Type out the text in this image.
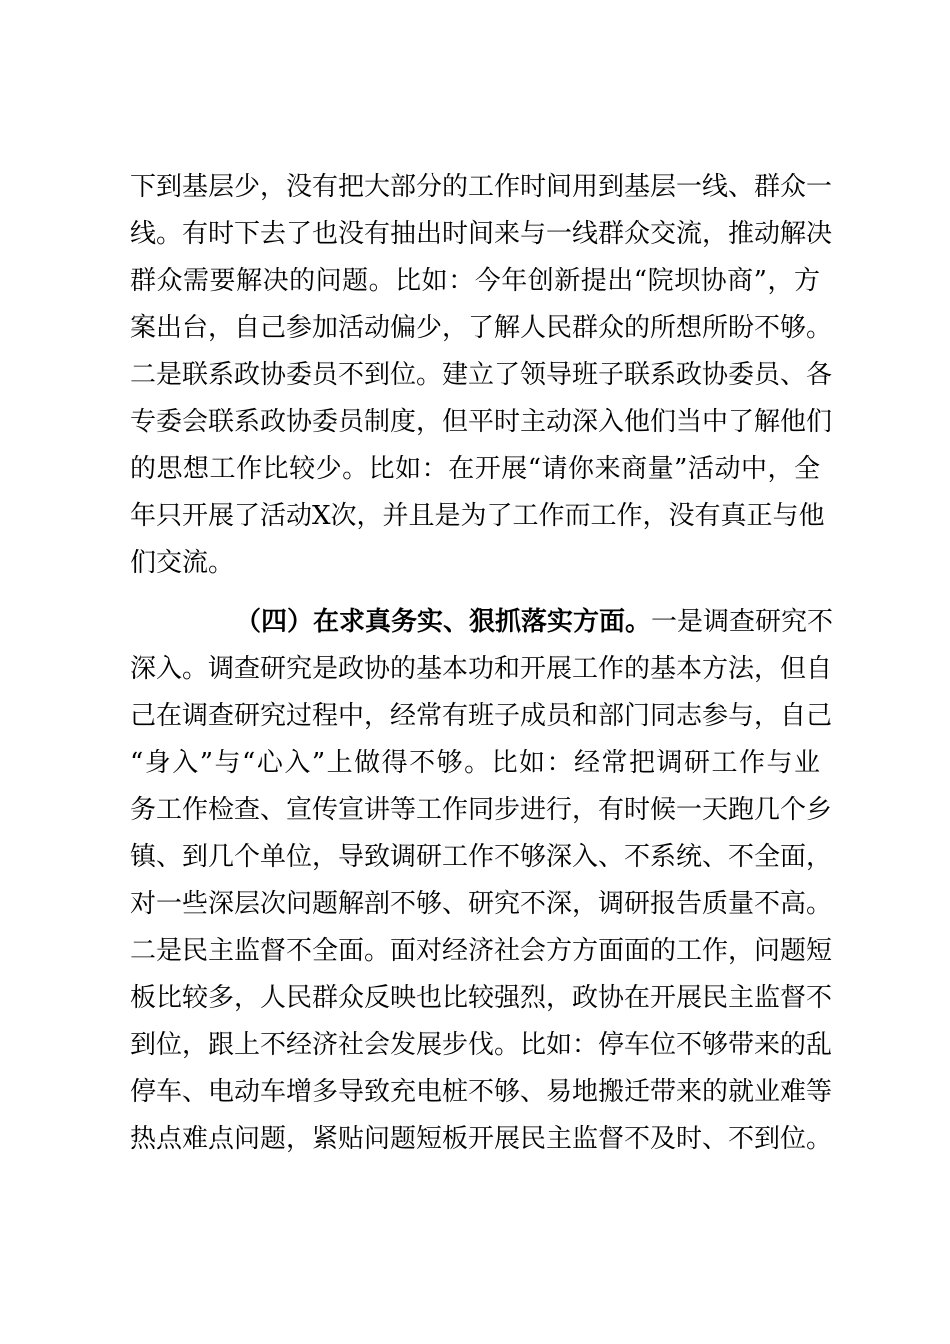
下到基层少，没有把大部分的工作时间用到基层一线、群众一
线。有时下去了也没有抽出时间来与一线群众交流，推动解决
群众需要解决的问题。比如：今年创新提出“院坝协商”，方
案出台，自己参加活动偏少，了解人民群众的所想所盼不够。
二是联系政协委员不到位。建立了领导班子联系政协委员、各
专委会联系政协委员制度，但平时主动深入他们当中了解他们
的思想工作比较少。比如：在开展“请你来商量”活动中，全
年只开展了活动X次，并且是为了工作而工作，没有真正与他
们交流。
（四）在求真务实、狠抓落实方面。一是调查研究不
深入。调查研究是政协的基本功和开展工作的基本方法，但自
己在调查研究过程中，经常有班子成员和部门同志参与，自己
“身入”与“心入”上做得不够。比如：经常把调研工作与业
务工作检查、宣传宣讲等工作同步进行，有时候一天跑几个乡
镇、到几个单位，导致调研工作不够深入、不系统、不全面，
对一些深层次问题解剖不够、研究不深，调研报告质量不高。
二是民主监督不全面。面对经济社会方方面面的工作，问题短
板比较多，人民群众反映也比较强烈，政协在开展民主监督不
到位，跟上不经济社会发展步伐。比如：停车位不够带来的乱
停车、电动车增多导致充电桩不够、易地搬迁带来的就业难等
热点难点问题，紧贴问题短板开展民主监督不及时、不到位。
